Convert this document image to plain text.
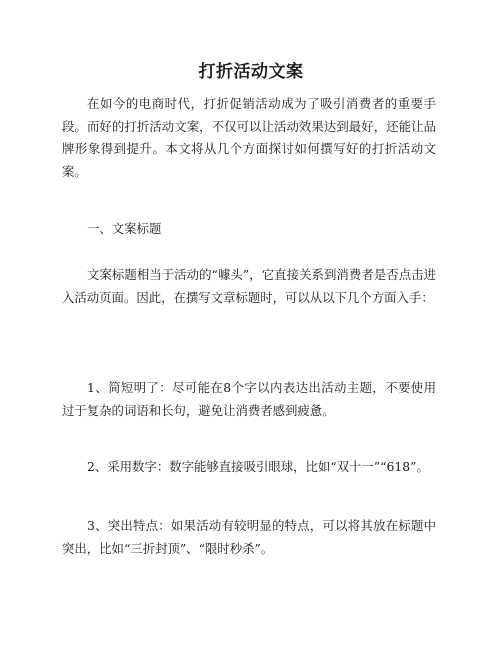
打折活动文案

在如今的电商时代，打折促销活动成为了吸引消费者的重要手段。而好的打折活动文案，不仅可以让活动效果达到最好，还能让品牌形象得到提升。本文将从几个方面探讨如何撰写好的打折活动文案。

一、文案标题

文案标题相当于活动的“噱头”，它直接关系到消费者是否点击进入活动页面。因此，在撰写文章标题时，可以从以下几个方面入手：

1、简短明了：尽可能在8个字以内表达出活动主题，不要使用过于复杂的词语和长句，避免让消费者感到疲惫。

2、采用数字：数字能够直接吸引眼球，比如“双十一”“618”。

3、突出特点：如果活动有较明显的特点，可以将其放在标题中突出，比如“三折封顶”、“限时秒杀”。
